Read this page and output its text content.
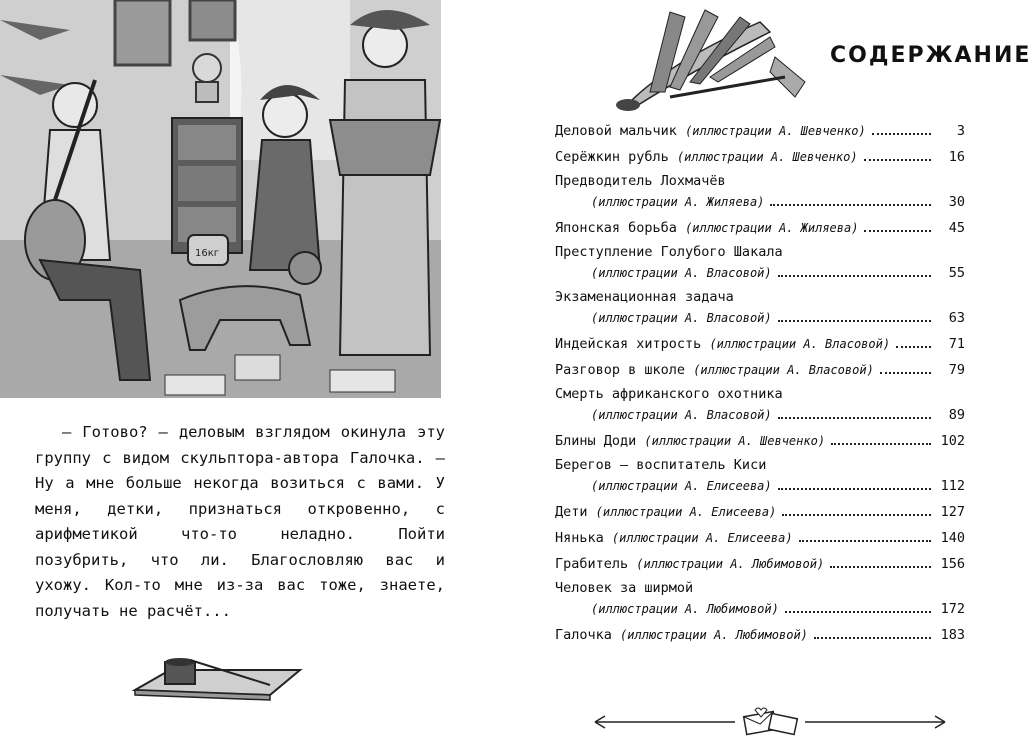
16кг

– Готово? – деловым взглядом окинула эту группу с видом скульптора-автора Галочка. – Ну а мне больше некогда возиться с вами. У меня, детки, признаться откровенно, с арифметикой что-то неладно. Пойти позубрить, что ли. Благословляю вас и ухожу. Кол-то мне из-за вас тоже, знаете, получать не расчёт...

СОДЕРЖАНИЕ
Деловой мальчик
(иллюстрации А. Шевченко)	3
Серёжкин рубль
(иллюстрации А. Шевченко)	16
Предводитель Лохмачёв
(иллюстрации А. Жиляева)	30
Японская борьба
(иллюстрации А. Жиляева)	45
Преступление Голубого Шакала
(иллюстрации А. Власовой)	55
Экзаменационная задача
(иллюстрации А. Власовой)	63
Индейская хитрость
(иллюстрации А. Власовой)	71
Разговор в школе
(иллюстрации А. Власовой)	79
Смерть африканского охотника
(иллюстрации А. Власовой)	89
Блины Доди
(иллюстрации А. Шевченко)	102
Берегов – воспитатель Киси
(иллюстрации А. Елисеева)	112
Дети
(иллюстрации А. Елисеева)	127
Нянька
(иллюстрации А. Елисеева)	140
Грабитель
(иллюстрации А. Любимовой)	156
Человек за ширмой
(иллюстрации А. Любимовой)	172
Галочка
(иллюстрации А. Любимовой)	183
